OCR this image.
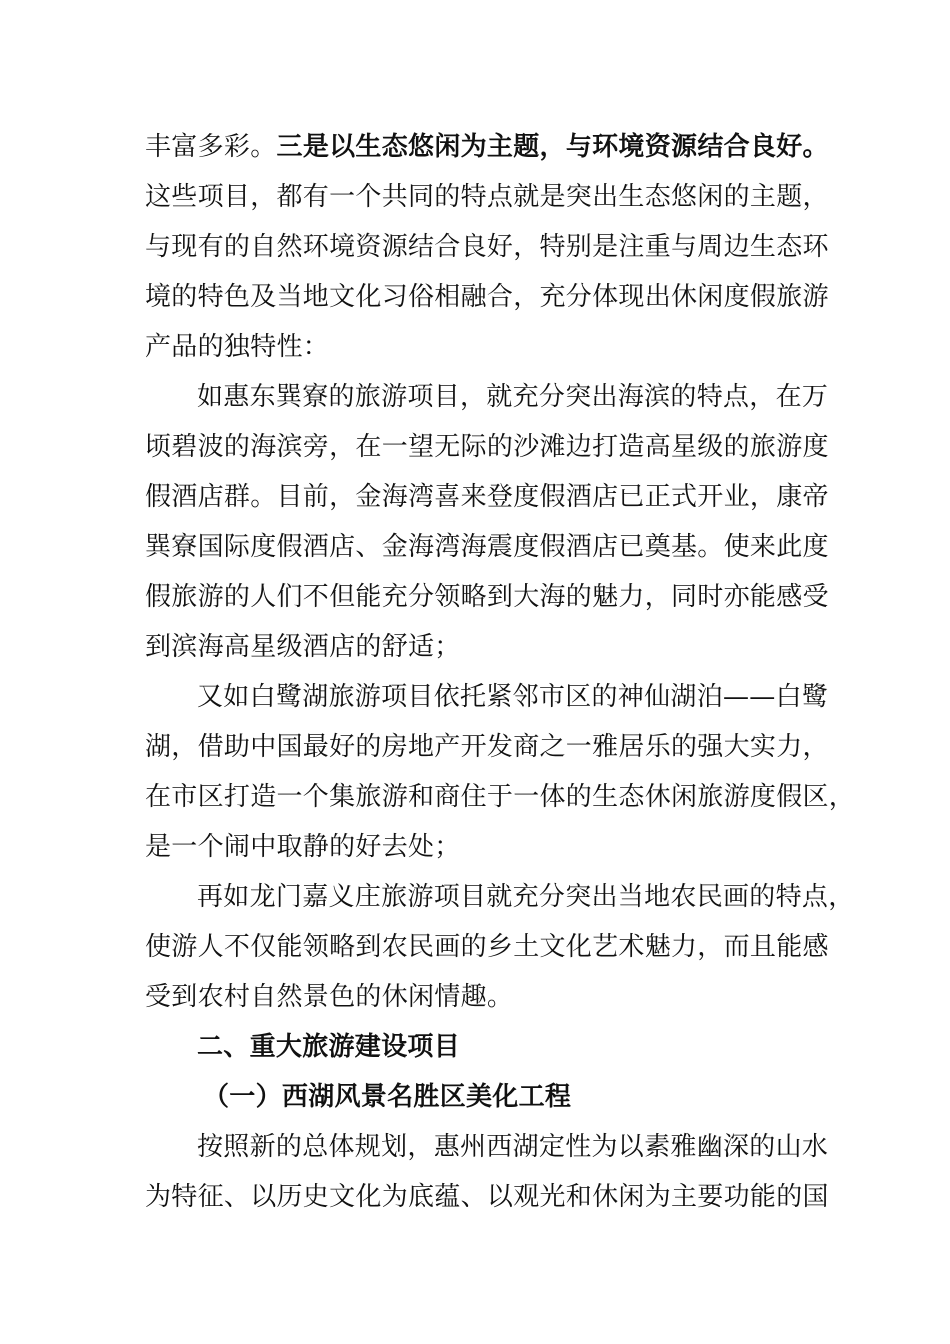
丰富多彩。三是以生态悠闲为主题，与环境资源结合良好。
这些项目，都有一个共同的特点就是突出生态悠闲的主题，
与现有的自然环境资源结合良好，特别是注重与周边生态环
境的特色及当地文化习俗相融合，充分体现出休闲度假旅游
产品的独特性：
如惠东巽寮的旅游项目，就充分突出海滨的特点，在万
顷碧波的海滨旁，在一望无际的沙滩边打造高星级的旅游度
假酒店群。目前，金海湾喜来登度假酒店已正式开业，康帝
巽寮国际度假酒店、金海湾海震度假酒店已奠基。使来此度
假旅游的人们不但能充分领略到大海的魅力，同时亦能感受
到滨海高星级酒店的舒适；
又如白鹭湖旅游项目依托紧邻市区的神仙湖泊——白鹭
湖，借助中国最好的房地产开发商之一雅居乐的强大实力，
在市区打造一个集旅游和商住于一体的生态休闲旅游度假区，
是一个闹中取静的好去处；
再如龙门嘉义庄旅游项目就充分突出当地农民画的特点，
使游人不仅能领略到农民画的乡土文化艺术魅力，而且能感
受到农村自然景色的休闲情趣。
二、重大旅游建设项目
（一）西湖风景名胜区美化工程
按照新的总体规划，惠州西湖定性为以素雅幽深的山水
为特征、以历史文化为底蕴、以观光和休闲为主要功能的国
